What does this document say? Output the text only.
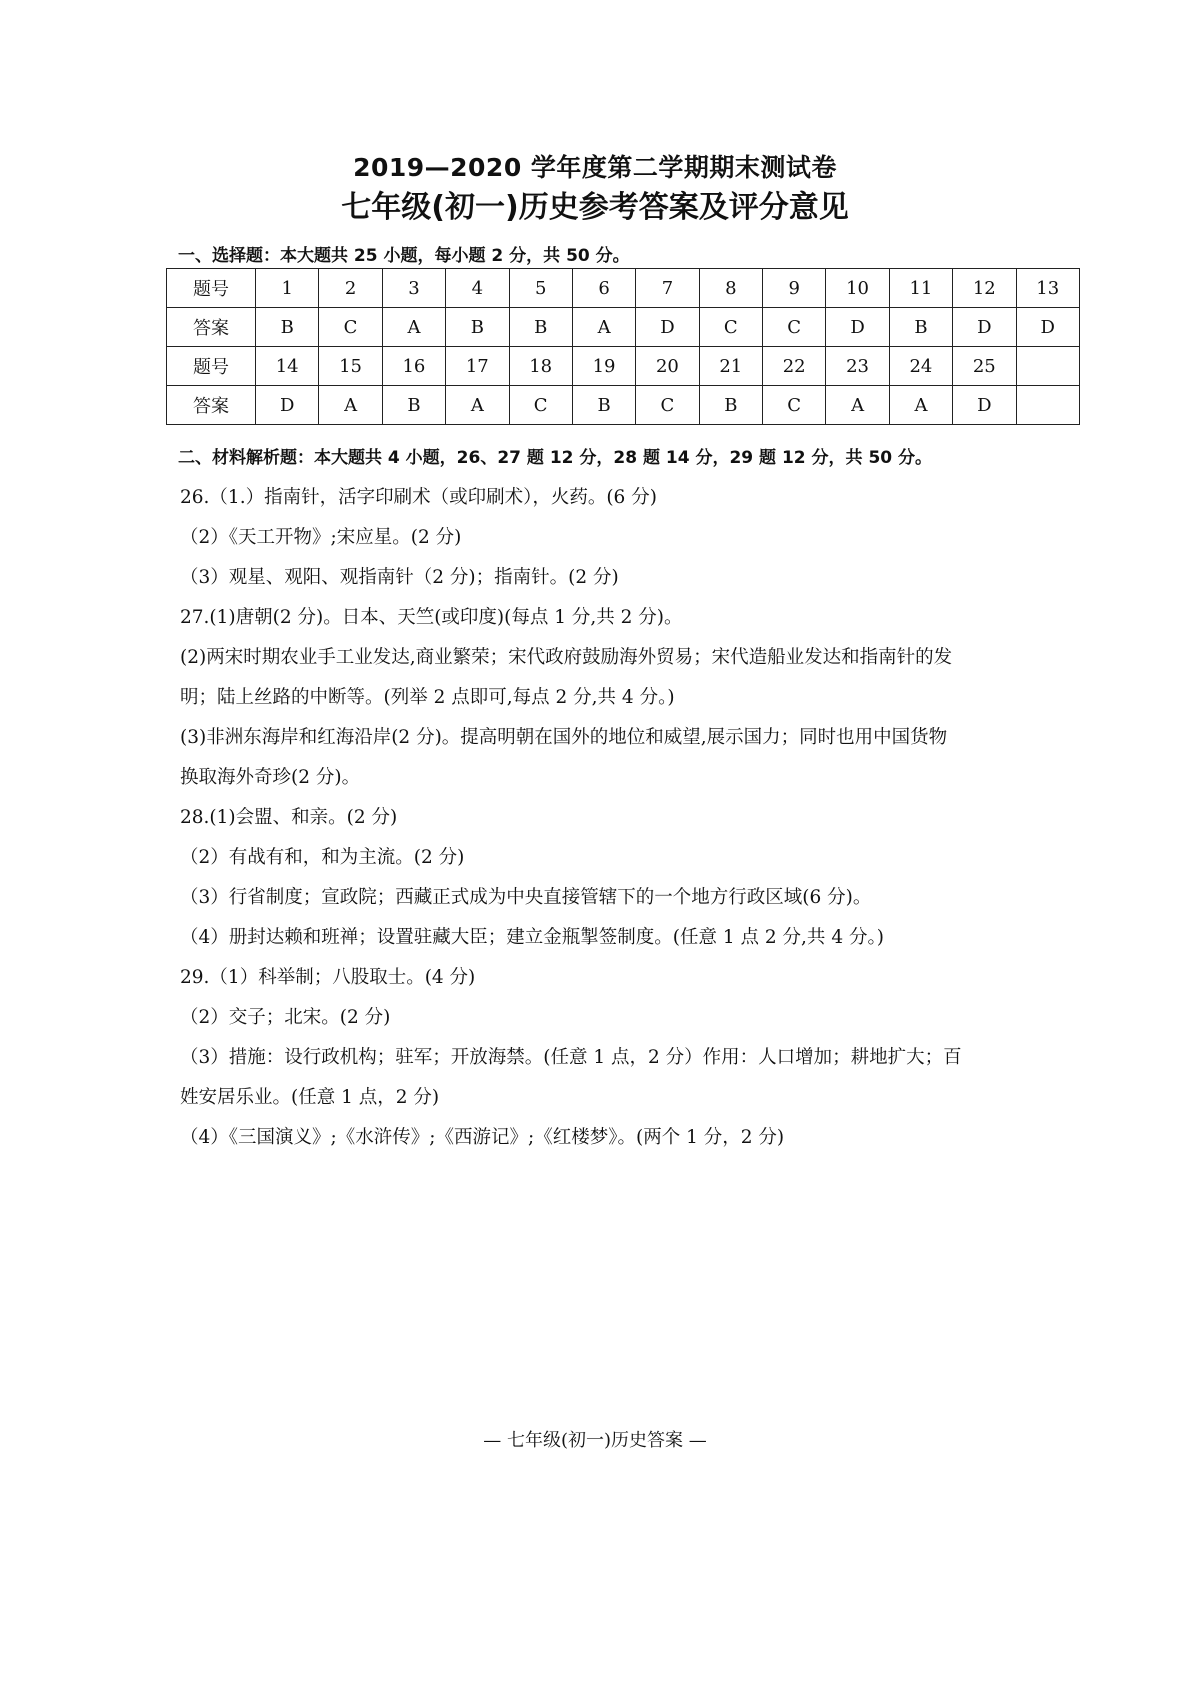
2019—2020 学年度第二学期期末测试卷
七年级(初一)历史参考答案及评分意见
一、选择题：本大题共 25 小题，每小题 2 分，共 50 分。
题号	1	2	3	4	5	6	7	8	9	10	11	12	13
答案	B	C	A	B	B	A	D	C	C	D	B	D	D
题号	14	15	16	17	18	19	20	21	22	23	24	25	
答案	D	A	B	A	C	B	C	B	C	A	A	D	
二、材料解析题：本大题共 4 小题，26、27 题 12 分，28 题 14 分，29 题 12 分，共 50 分。

26.（1.）指南针，活字印刷术（或印刷术），火药。(6 分)

（2）《天工开物》;宋应星。(2 分)

（3）观星、观阳、观指南针（2 分)；指南针。(2 分)

27.(1)唐朝(2 分)。日本、天竺(或印度)(每点 1 分,共 2 分)。

(2)两宋时期农业手工业发达,商业繁荣；宋代政府鼓励海外贸易；宋代造船业发达和指南针的发

明；陆上丝路的中断等。(列举 2 点即可,每点 2 分,共 4 分。)

(3)非洲东海岸和红海沿岸(2 分)。提高明朝在国外的地位和威望,展示国力；同时也用中国货物

换取海外奇珍(2 分)。

28.(1)会盟、和亲。(2 分)

（2）有战有和，和为主流。(2 分)

（3）行省制度；宣政院；西藏正式成为中央直接管辖下的一个地方行政区域(6 分)。

（4）册封达赖和班禅；设置驻藏大臣；建立金瓶掣签制度。(任意 1 点 2 分,共 4 分。)

29.（1）科举制；八股取士。(4 分)

（2）交子；北宋。(2 分)

（3）措施：设行政机构；驻军；开放海禁。(任意 1 点，2 分）作用：人口增加；耕地扩大；百

姓安居乐业。(任意 1 点，2 分)

（4）《三国演义》;《水浒传》;《西游记》;《红楼梦》。(两个 1 分，2 分)

— 七年级(初一)历史答案 —
